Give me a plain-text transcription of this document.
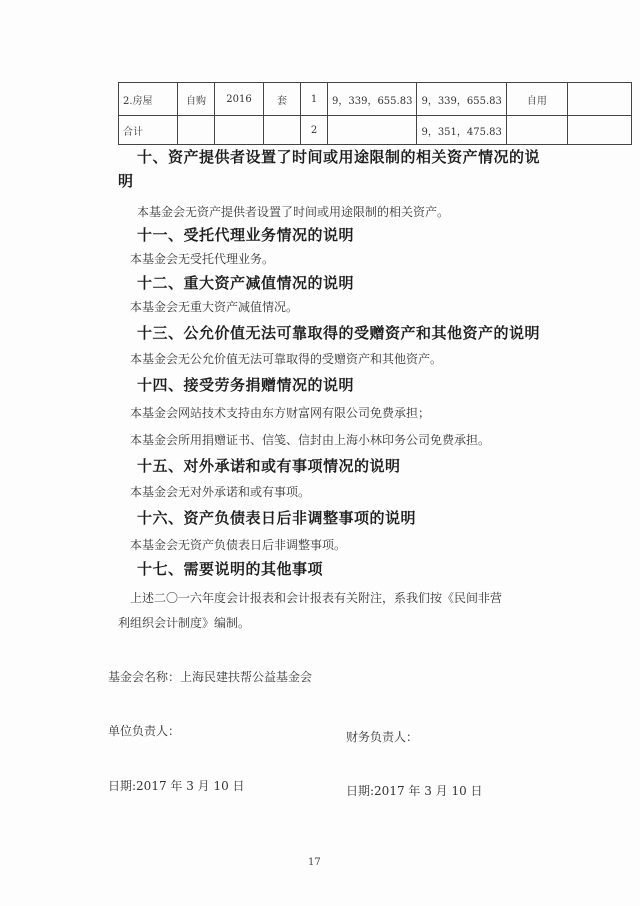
2.房屋	自购	2016	套	1	9，339，655.83	9，339，655.83	自用	
合计				2		9，351，475.83		
十、资产提供者设置了时间或用途限制的相关资产情况的说
明
本基金会无资产提供者设置了时间或用途限制的相关资产。
十一、受托代理业务情况的说明
本基金会无受托代理业务。
十二、重大资产减值情况的说明
本基金会无重大资产减值情况。
十三、公允价值无法可靠取得的受赠资产和其他资产的说明
本基金会无公允价值无法可靠取得的受赠资产和其他资产。
十四、接受劳务捐赠情况的说明
本基金会网站技术支持由东方财富网有限公司免费承担；
本基金会所用捐赠证书、信笺、信封由上海小林印务公司免费承担。
十五、对外承诺和或有事项情况的说明
本基金会无对外承诺和或有事项。
十六、资产负债表日后非调整事项的说明
本基金会无资产负债表日后非调整事项。
十七、需要说明的其他事项
上述二〇一六年度会计报表和会计报表有关附注，系我们按《民间非营
利组织会计制度》编制。
基金会名称：上海民建扶帮公益基金会
单位负责人：	财务负责人：
日期:2017 年 3 月 10 日	日期:2017 年 3 月 10 日
17
